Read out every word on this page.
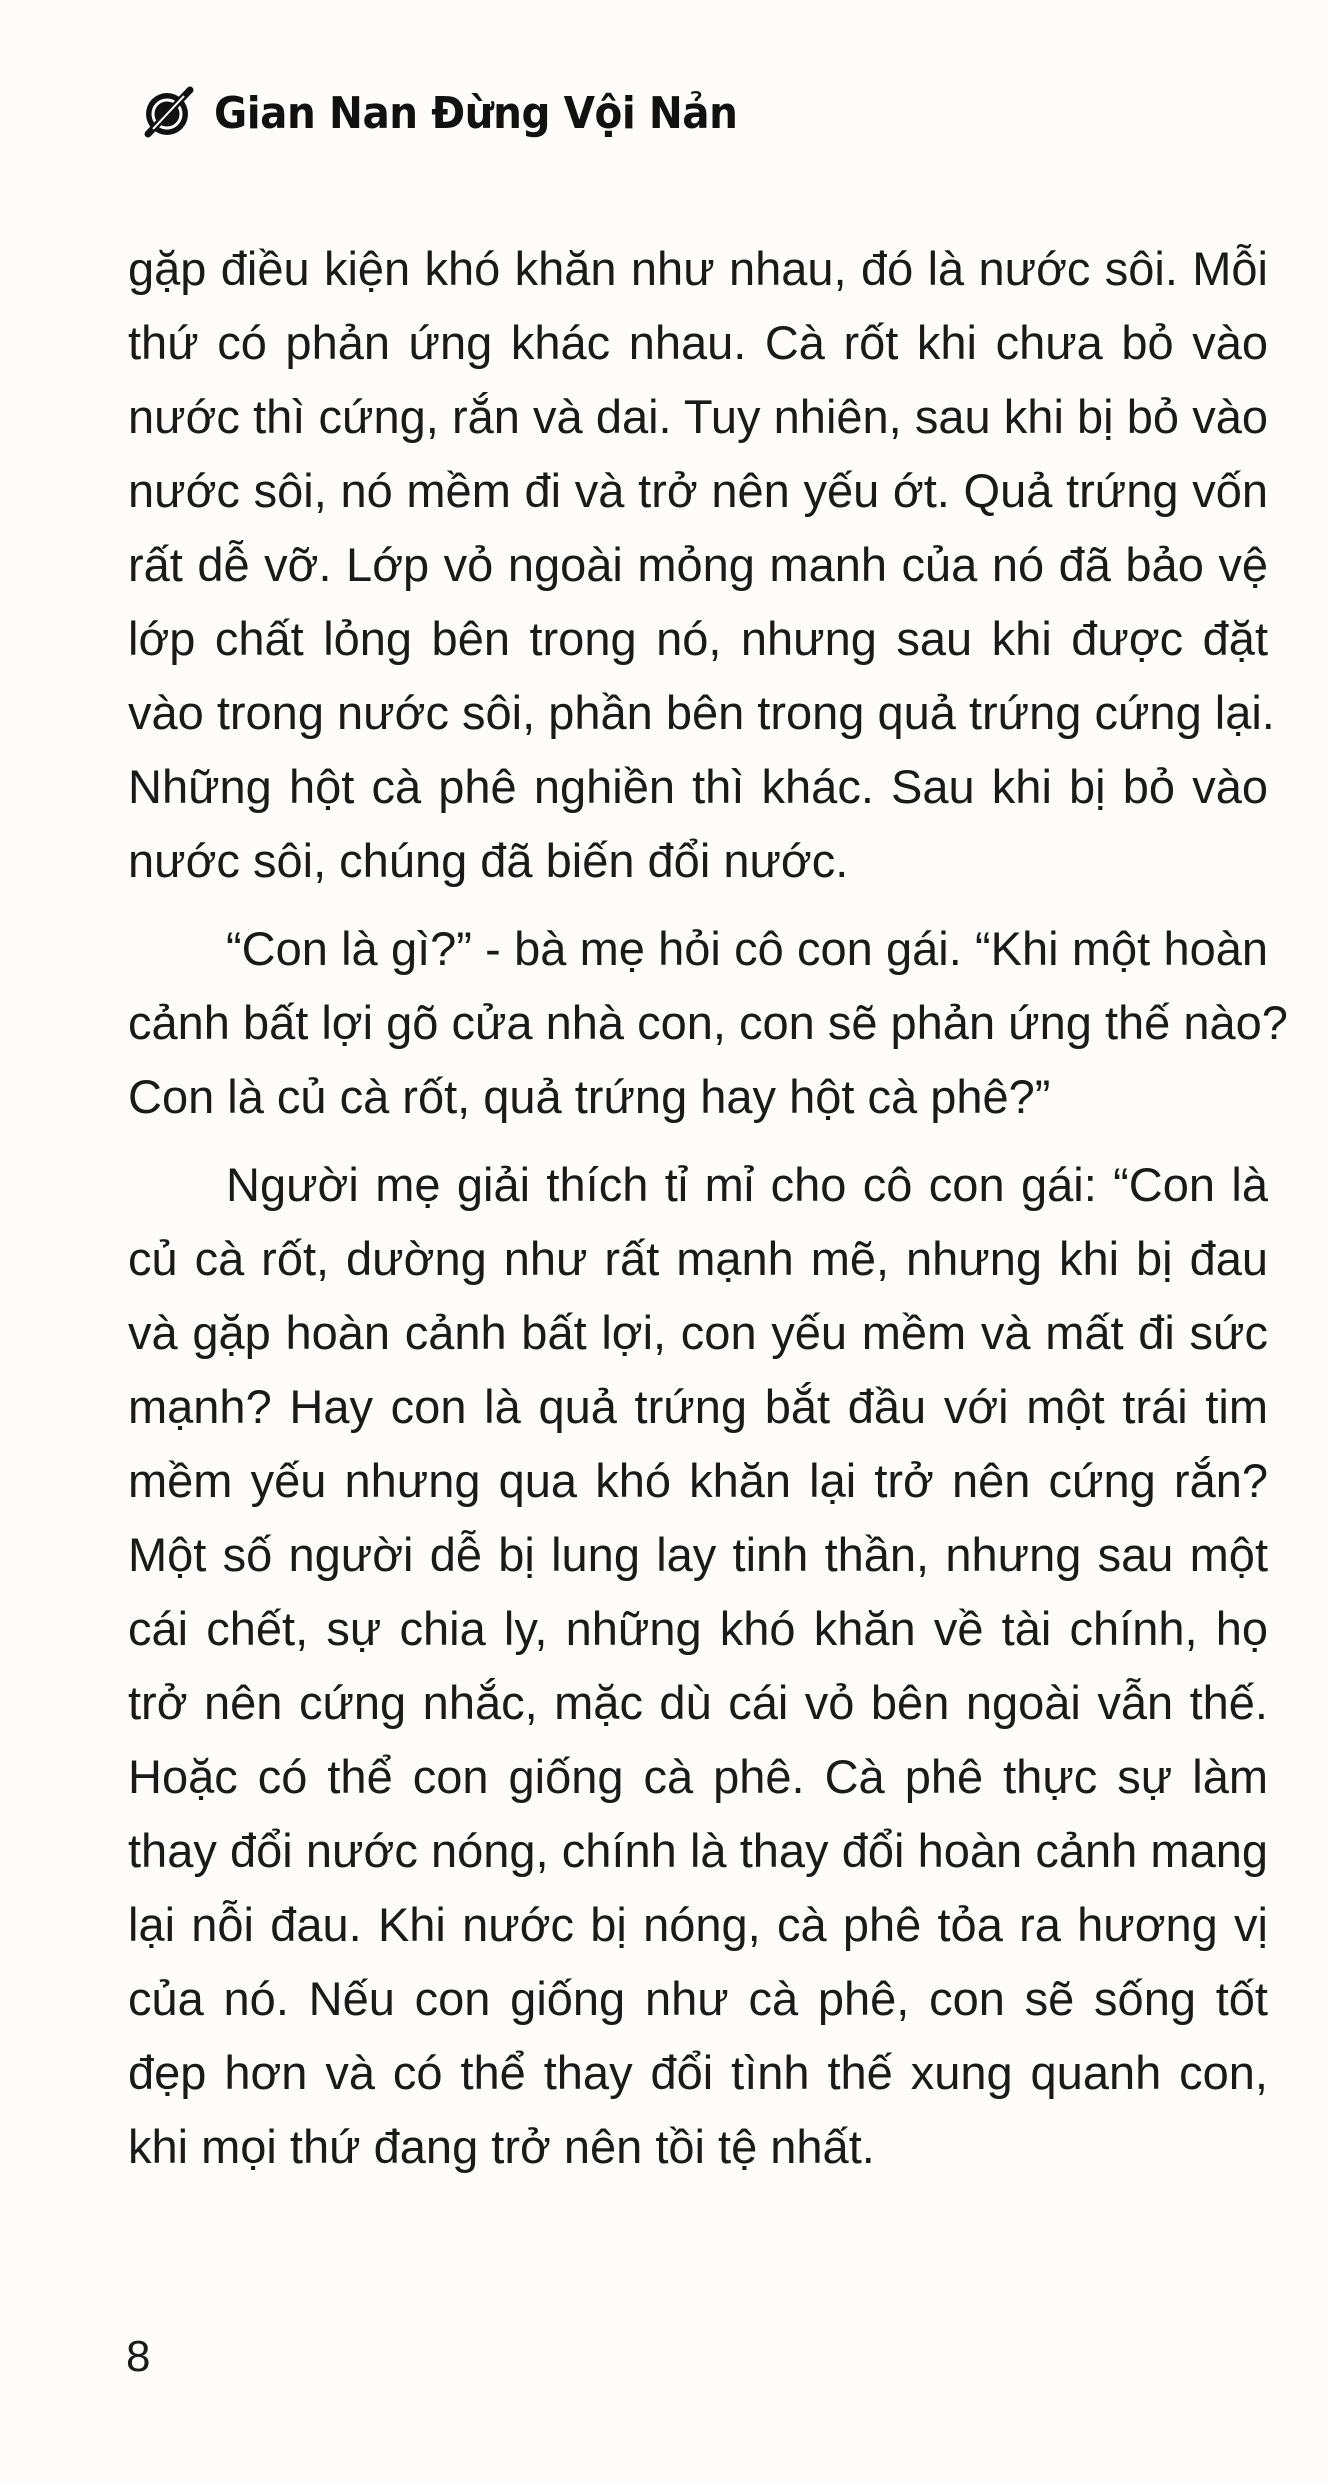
Gian Nan Đừng Vội Nản
gặp điều kiện khó khăn như nhau, đó là nước sôi. Mỗi
thứ có phản ứng khác nhau. Cà rốt khi chưa bỏ vào
nước thì cứng, rắn và dai. Tuy nhiên, sau khi bị bỏ vào
nước sôi, nó mềm đi và trở nên yếu ớt. Quả trứng vốn
rất dễ vỡ. Lớp vỏ ngoài mỏng manh của nó đã bảo vệ
lớp chất lỏng bên trong nó, nhưng sau khi được đặt
vào trong nước sôi, phần bên trong quả trứng cứng lại.
Những hột cà phê nghiền thì khác. Sau khi bị bỏ vào
nước sôi, chúng đã biến đổi nước.
“Con là gì?” - bà mẹ hỏi cô con gái. “Khi một hoàn
cảnh bất lợi gõ cửa nhà con, con sẽ phản ứng thế nào?
Con là củ cà rốt, quả trứng hay hột cà phê?”
Người mẹ giải thích tỉ mỉ cho cô con gái: “Con là
củ cà rốt, dường như rất mạnh mẽ, nhưng khi bị đau
và gặp hoàn cảnh bất lợi, con yếu mềm và mất đi sức
mạnh? Hay con là quả trứng bắt đầu với một trái tim
mềm yếu nhưng qua khó khăn lại trở nên cứng rắn?
Một số người dễ bị lung lay tinh thần, nhưng sau một
cái chết, sự chia ly, những khó khăn về tài chính, họ
trở nên cứng nhắc, mặc dù cái vỏ bên ngoài vẫn thế.
Hoặc có thể con giống cà phê. Cà phê thực sự làm
thay đổi nước nóng, chính là thay đổi hoàn cảnh mang
lại nỗi đau. Khi nước bị nóng, cà phê tỏa ra hương vị
của nó. Nếu con giống như cà phê, con sẽ sống tốt
đẹp hơn và có thể thay đổi tình thế xung quanh con,
khi mọi thứ đang trở nên tồi tệ nhất.
8
